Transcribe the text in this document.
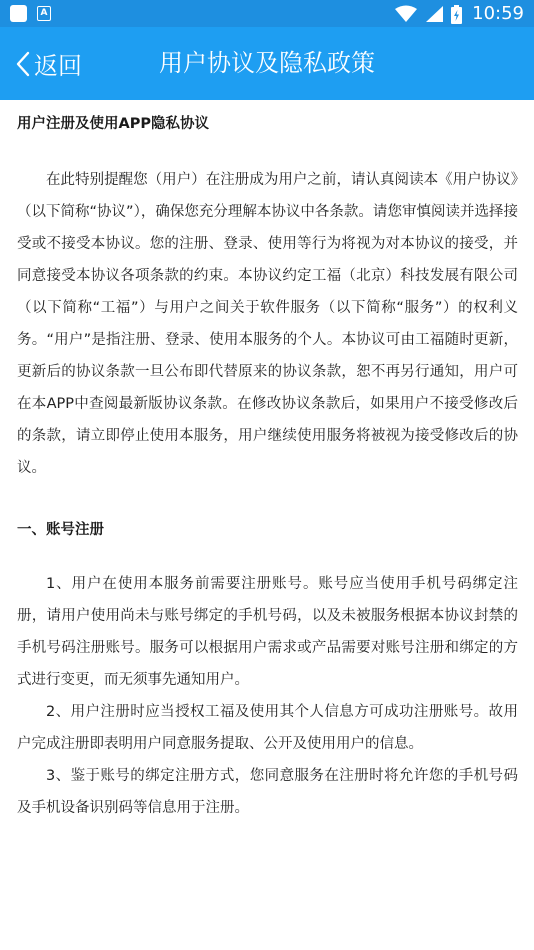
A	10:59
用户协议及隐私政策
返回
用户注册及使用APP隐私协议

在此特别提醒您（用户）在注册成为用户之前，请认真阅读本《用户协议》（以下简称“协议”），确保您充分理解本协议中各条款。请您审慎阅读并选择接受或不接受本协议。您的注册、登录、使用等行为将视为对本协议的接受，并同意接受本协议各项条款的约束。本协议约定工福（北京）科技发展有限公司（以下简称“工福”）与用户之间关于软件服务（以下简称“服务”）的权利义务。“用户”是指注册、登录、使用本服务的个人。本协议可由工福随时更新，更新后的协议条款一旦公布即代替原来的协议条款，恕不再另行通知，用户可在本APP中查阅最新版协议条款。在修改协议条款后，如果用户不接受修改后的条款，请立即停止使用本服务，用户继续使用服务将被视为接受修改后的协议。

一、账号注册

1、用户在使用本服务前需要注册账号。账号应当使用手机号码绑定注册，请用户使用尚未与账号绑定的手机号码，以及未被服务根据本协议封禁的手机号码注册账号。服务可以根据用户需求或产品需要对账号注册和绑定的方式进行变更，而无须事先通知用户。

2、用户注册时应当授权工福及使用其个人信息方可成功注册账号。故用户完成注册即表明用户同意服务提取、公开及使用用户的信息。

3、鉴于账号的绑定注册方式，您同意服务在注册时将允许您的手机号码及手机设备识别码等信息用于注册。
